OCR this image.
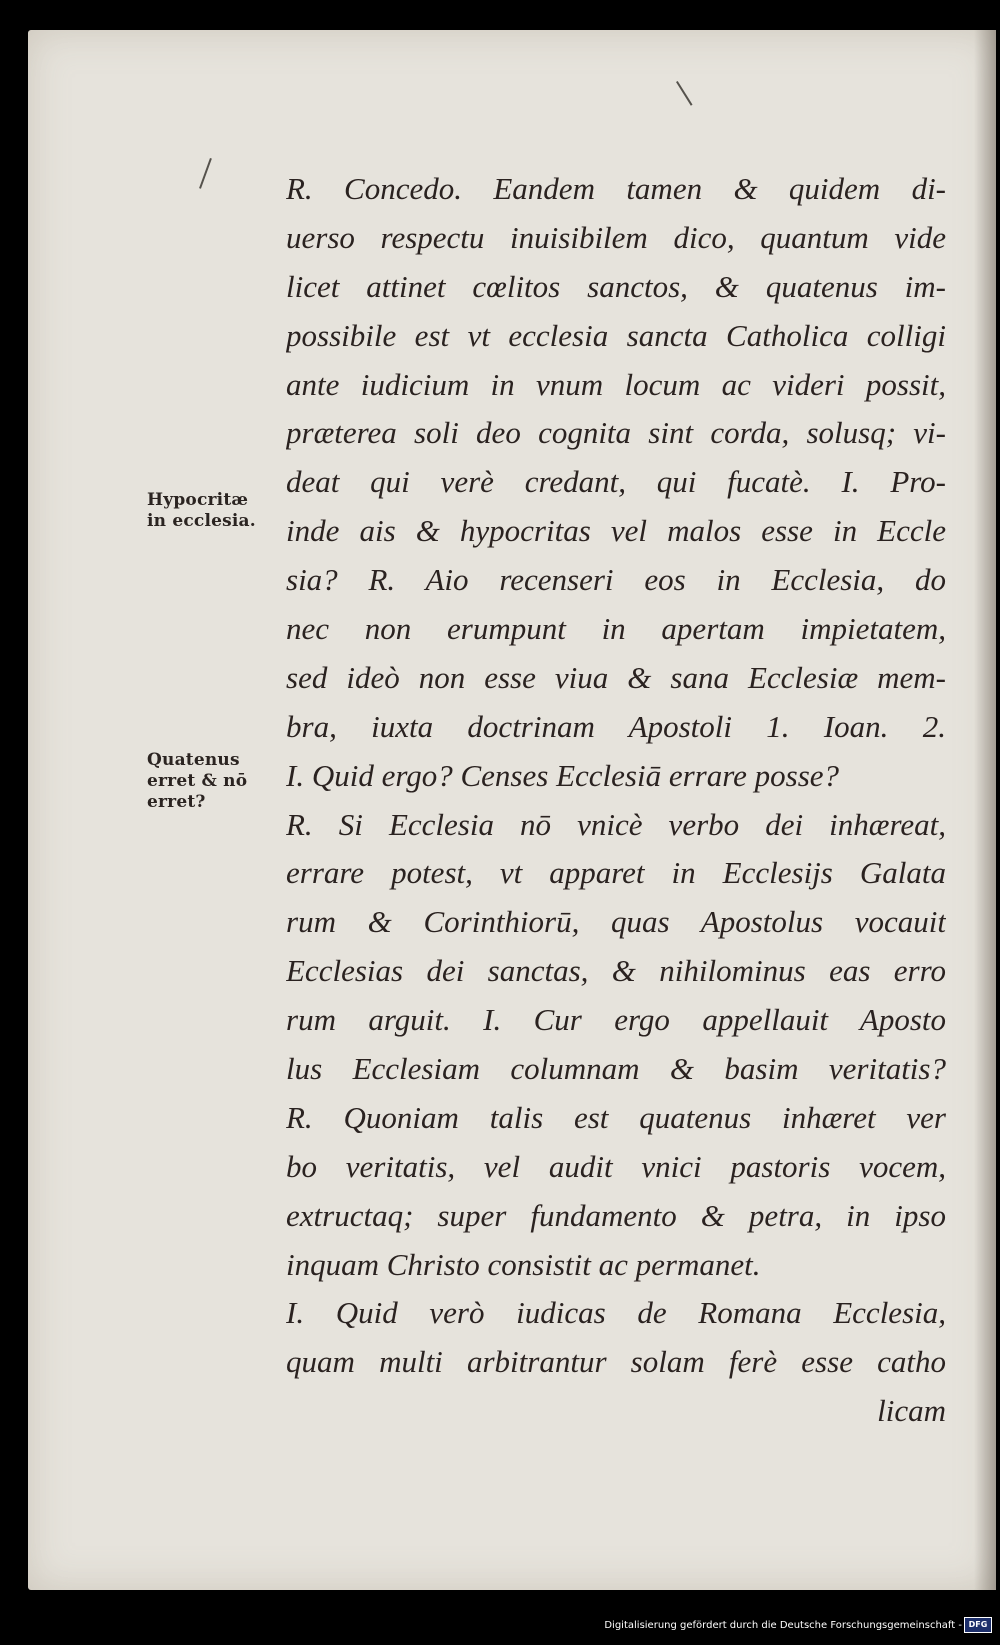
Hypocritæ
in ecclesia.
Quatenus
erret & nō
erret?
R. Concedo. Eandem tamen & quidem di-
uerso respectu inuisibilem dico, quantum vide
licet attinet cœlitos sanctos, & quatenus im-
possibile est vt ecclesia sancta Catholica colligi
ante iudicium in vnum locum ac videri possit,
præterea soli deo cognita sint corda, solusq; vi-
deat qui verè credant, qui fucatè. I. Pro-
inde ais & hypocritas vel malos esse in Eccle
sia? R. Aio recenseri eos in Ecclesia, do
nec non erumpunt in apertam impietatem,
sed ideò non esse viua & sana Ecclesiæ mem-
bra, iuxta doctrinam Apostoli 1. Ioan. 2.
I. Quid ergo? Censes Ecclesiā errare posse?
R. Si Ecclesia nō vnicè verbo dei inhæreat,
errare potest, vt apparet in Ecclesijs Galata
rum & Corinthiorū, quas Apostolus vocauit
Ecclesias dei sanctas, & nihilominus eas erro
rum arguit. I. Cur ergo appellauit Aposto
lus Ecclesiam columnam & basim veritatis?
R. Quoniam talis est quatenus inhæret ver
bo veritatis, vel audit vnici pastoris vocem,
extructaq; super fundamento & petra, in ipso
inquam Christo consistit ac permanet.
I. Quid verò iudicas de Romana Ecclesia,
quam multi arbitrantur solam ferè esse catho
licam
Digitalisierung gefördert durch die Deutsche Forschungsgemeinschaft - DFG
